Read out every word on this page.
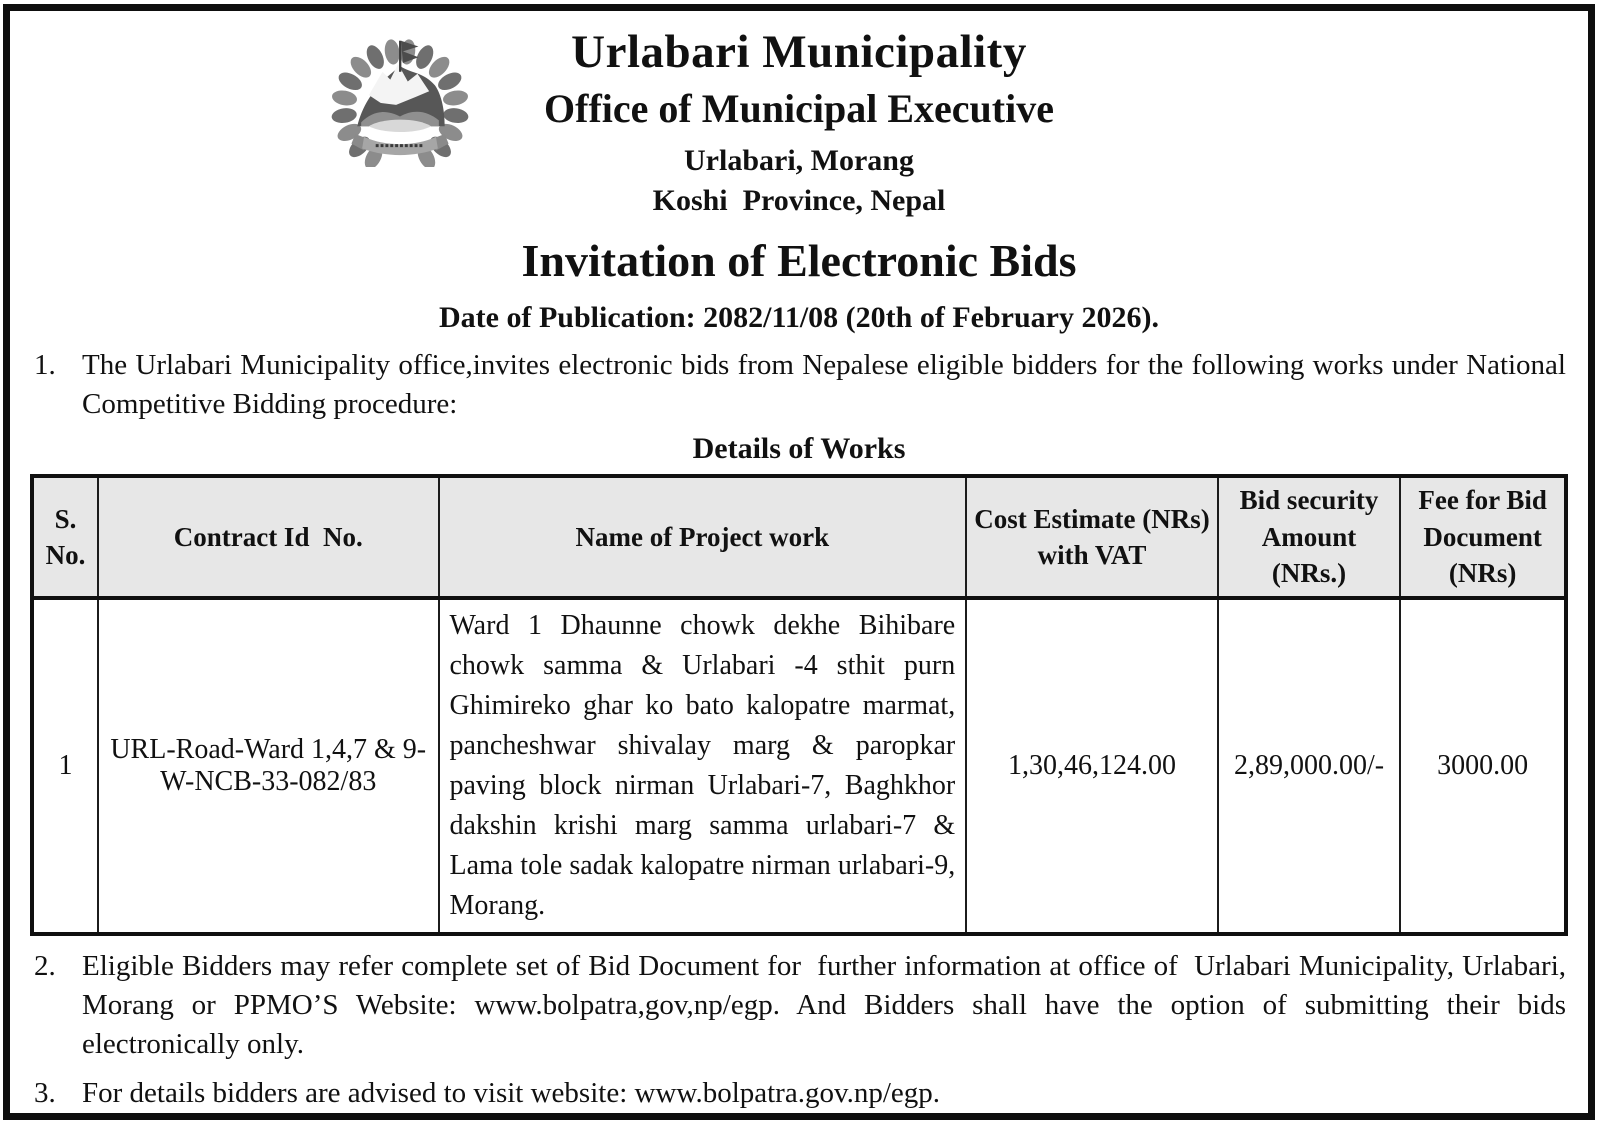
Urlabari Municipality
Office of Municipal Executive
Urlabari, Morang
Koshi  Province, Nepal
Invitation of Electronic Bids
Date of Publication: 2082/11/08 (20th of February 2026).
1. The Urlabari Municipality office,invites electronic bids from Nepalese eligible bidders for the following works under National Competitive Bidding procedure:
Details of Works
S. No.	Contract Id  No.	Name of Project work	Cost Estimate (NRs) with VAT	Bid security Amount (NRs.)	Fee for Bid Document (NRs)
1	URL-Road-Ward 1,4,7 & 9-W-NCB-33-082/83	Ward 1 Dhaunne chowk dekhe Bihibare chowk samma & Urlabari -4 sthit purn Ghimireko ghar ko bato kalopatre marmat, pancheshwar shivalay marg & paropkar paving block nirman Urlabari-7, Baghkhor dakshin krishi marg samma urlabari-7 & Lama tole sadak kalopatre nirman urlabari-9, Morang.	1,30,46,124.00	2,89,000.00/-	3000.00
2. Eligible Bidders may refer complete set of Bid Document for  further information at office of  Urlabari Municipality, Urlabari, Morang or PPMO’S Website: www.bolpatra,gov,np/egp. And Bidders shall have the option of submitting their bids electronically only.
3. For details bidders are advised to visit website: www.bolpatra.gov.np/egp.
